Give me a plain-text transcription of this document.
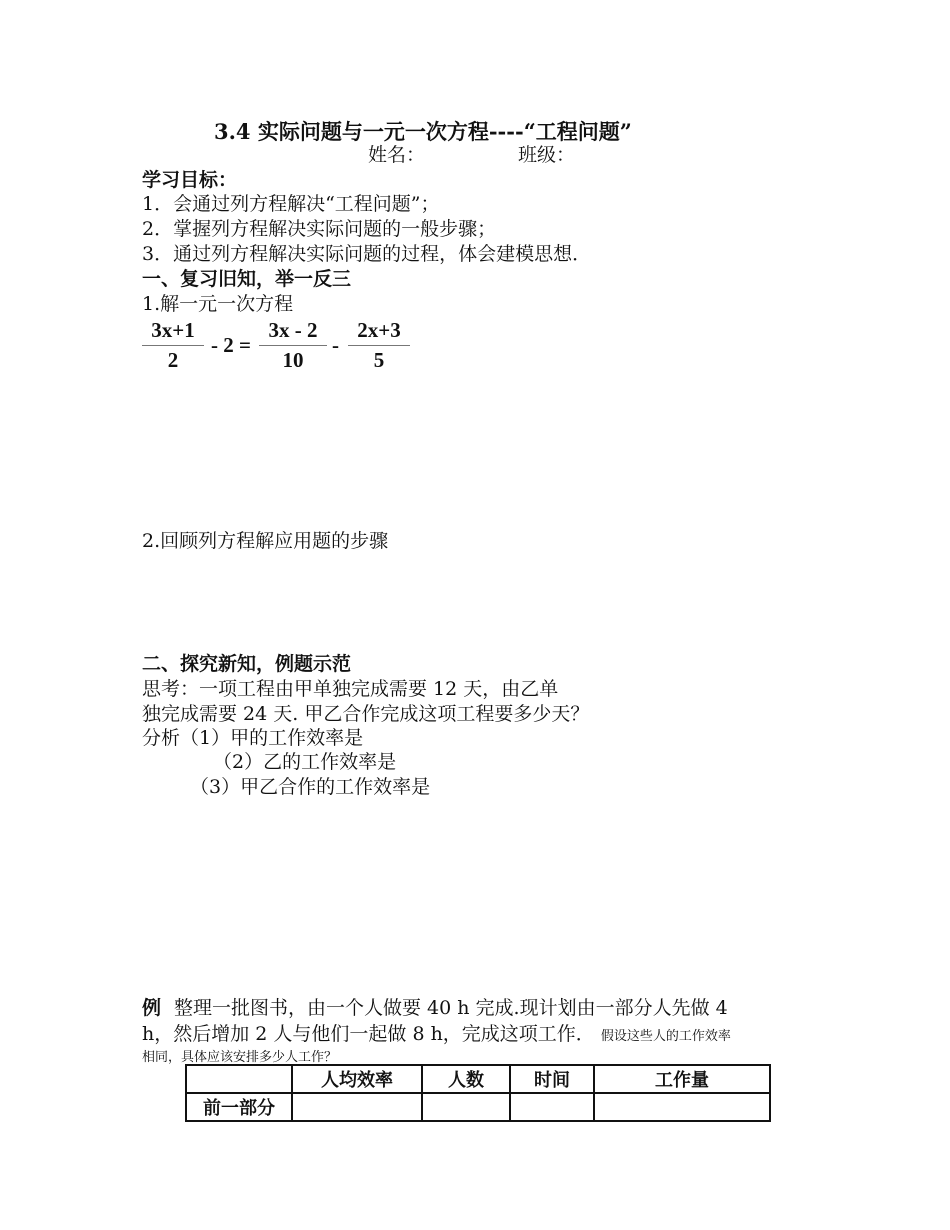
3.4 实际问题与一元一次方程----“工程问题”
姓名：	班级：
学习目标：
1．会通过列方程解决“工程问题”；
2．掌握列方程解决实际问题的一般步骤；
3．通过列方程解决实际问题的过程，体会建模思想．
一、复习旧知，举一反三
1.解一元一次方程
3x+1
2
- 2 =
3x - 2
10
-
2x+3
5
2.回顾列方程解应用题的步骤
二、探究新知，例题示范
思考：一项工程由甲单独完成需要 12 天，由乙单
独完成需要 24 天. 甲乙合作完成这项工程要多少天？
分析（1）甲的工作效率是
（2）乙的工作效率是
（3）甲乙合作的工作效率是
例 整理一批图书，由一个人做要 40 h 完成.现计划由一部分人先做 4
h，然后增加 2 人与他们一起做 8 h，完成这项工作． 假设这些人的工作效率
相同，具体应该安排多少人工作？
	人均效率	人数	时间	工作量
前一部分				
